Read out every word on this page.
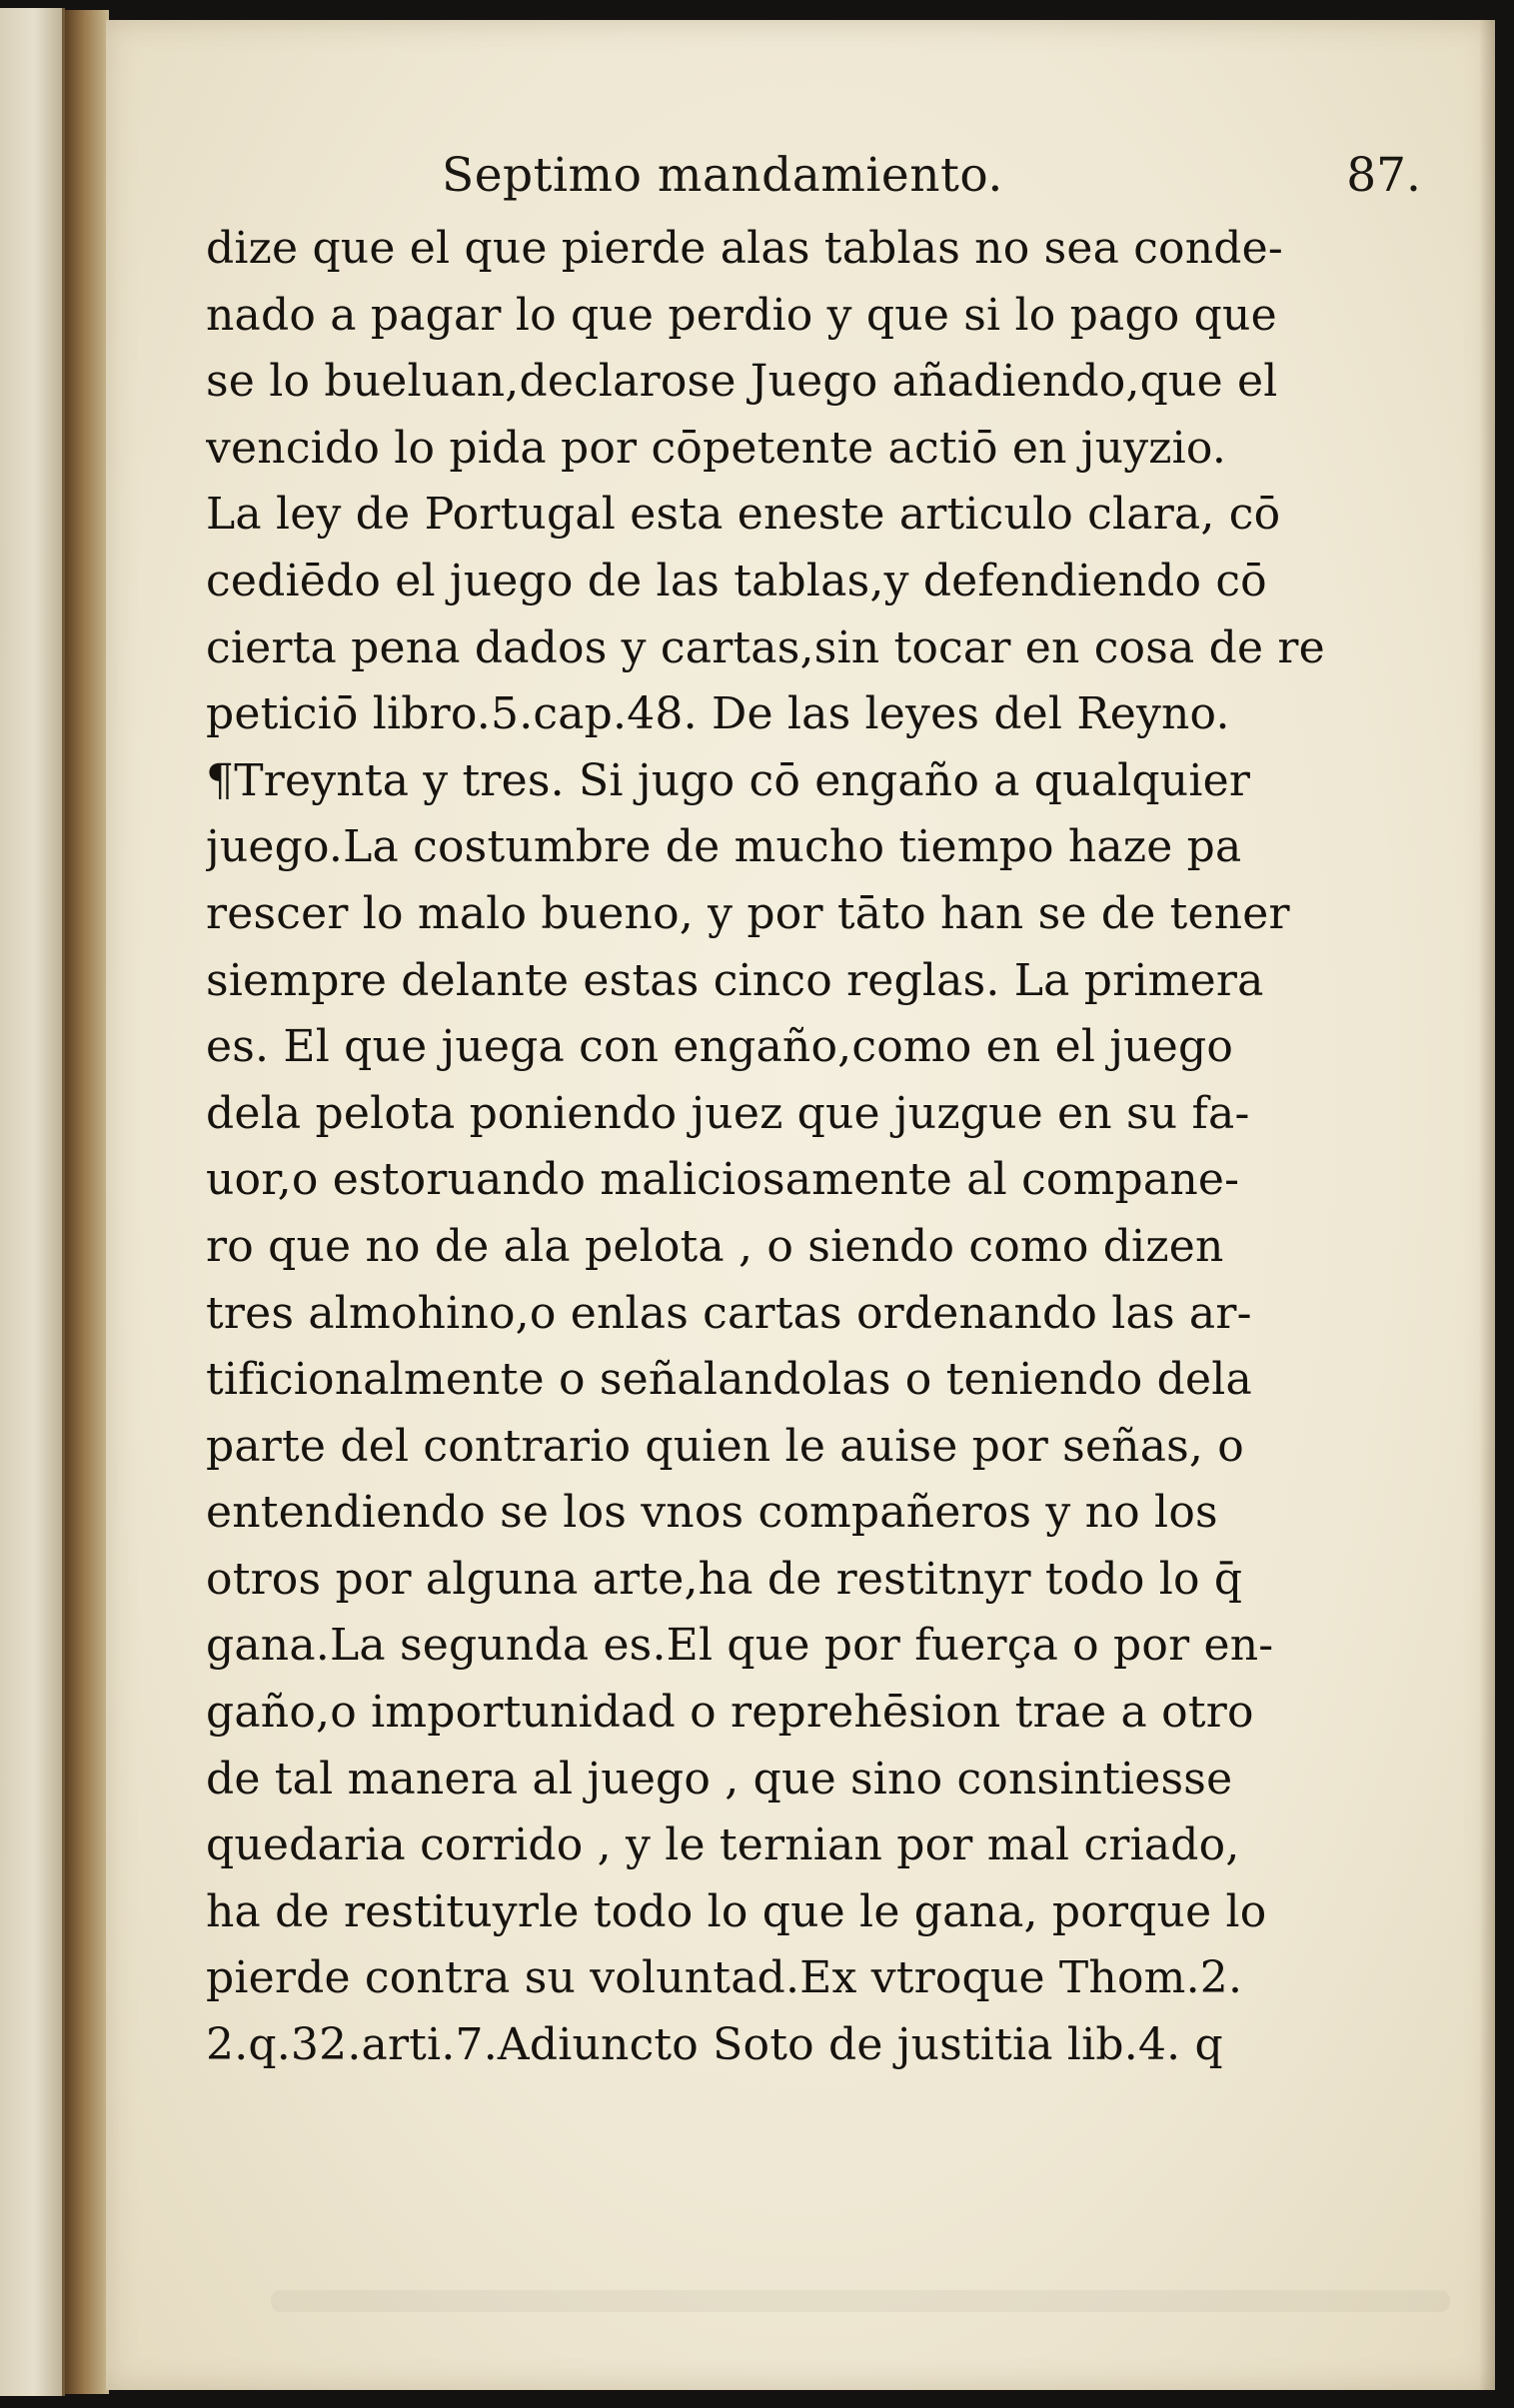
Septimo mandamiento.	87.
dize que el que pierde alas tablas no sea conde-
nado a pagar lo que perdio y que si lo pago que
se lo bueluan,declarose Juego añadiendo,que el
vencido lo pida por cōpetente actiō en juyzio.
La ley de Portugal esta eneste articulo clara, cō
cediēdo el juego de las tablas,y defendiendo cō
cierta pena dados y cartas,sin tocar en cosa de re
peticiō libro.5.cap.48. De las leyes del Reyno.
¶Treynta y tres. Si jugo cō engaño a qualquier
juego.La costumbre de mucho tiempo haze pa
rescer lo malo bueno, y por tāto han se de tener
siempre delante estas cinco reglas. La primera
es. El que juega con engaño,como en el juego
dela pelota poniendo juez que juzgue en su fa-
uor,o estoruando maliciosamente al compane-
ro que no de ala pelota , o siendo como dizen
tres almohino,o enlas cartas ordenando las ar-
tificionalmente o señalandolas o teniendo dela
parte del contrario quien le auise por señas, o
entendiendo se los vnos compañeros y no los
otros por alguna arte,ha de restitnyr todo lo q̄
gana.La segunda es.El que por fuerça o por en-
gaño,o importunidad o reprehēsion trae a otro
de tal manera al juego , que sino consintiesse
quedaria corrido , y le ternian por mal criado,
ha de restituyrle todo lo que le gana, porque lo
pierde contra su voluntad.Ex vtroque Thom.2.
2.q.32.arti.7.Adiuncto Soto de justitia lib.4. q
